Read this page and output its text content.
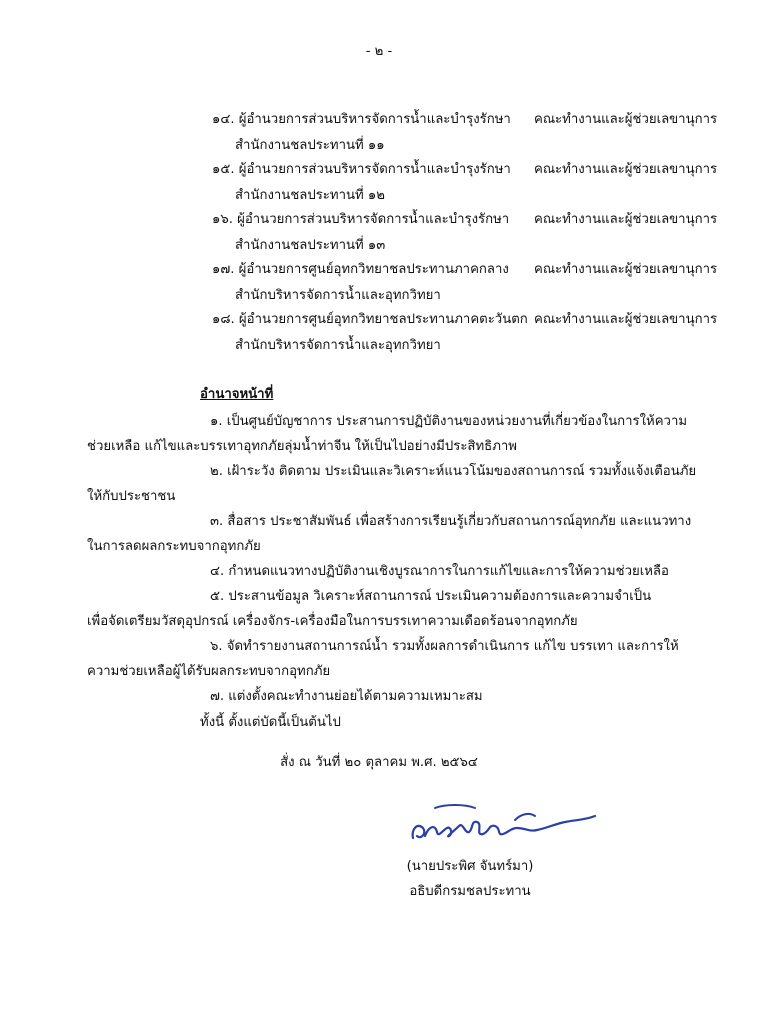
- ๒ -
๑๔. ผู้อำนวยการส่วนบริหารจัดการน้ำและบำรุงรักษา คณะทำงานและผู้ช่วยเลขานุการ
สำนักงานชลประทานที่ ๑๑
๑๕. ผู้อำนวยการส่วนบริหารจัดการน้ำและบำรุงรักษา คณะทำงานและผู้ช่วยเลขานุการ
สำนักงานชลประทานที่ ๑๒
๑๖. ผู้อำนวยการส่วนบริหารจัดการน้ำและบำรุงรักษา คณะทำงานและผู้ช่วยเลขานุการ
สำนักงานชลประทานที่ ๑๓
๑๗. ผู้อำนวยการศูนย์อุทกวิทยาชลประทานภาคกลาง คณะทำงานและผู้ช่วยเลขานุการ
สำนักบริหารจัดการน้ำและอุทกวิทยา
๑๘. ผู้อำนวยการศูนย์อุทกวิทยาชลประทานภาคตะวันตก คณะทำงานและผู้ช่วยเลขานุการ
สำนักบริหารจัดการน้ำและอุทกวิทยา
อำนาจหน้าที่
๑. เป็นศูนย์บัญชาการ ประสานการปฏิบัติงานของหน่วยงานที่เกี่ยวข้องในการให้ความ
ช่วยเหลือ แก้ไขและบรรเทาอุทกภัยลุ่มน้ำท่าจีน ให้เป็นไปอย่างมีประสิทธิภาพ
๒. เฝ้าระวัง ติดตาม ประเมินและวิเคราะห์แนวโน้มของสถานการณ์ รวมทั้งแจ้งเตือนภัย
ให้กับประชาชน
๓. สื่อสาร ประชาสัมพันธ์ เพื่อสร้างการเรียนรู้เกี่ยวกับสถานการณ์อุทกภัย และแนวทาง
ในการลดผลกระทบจากอุทกภัย
๔. กำหนดแนวทางปฏิบัติงานเชิงบูรณาการในการแก้ไขและการให้ความช่วยเหลือ
๕. ประสานข้อมูล วิเคราะห์สถานการณ์ ประเมินความต้องการและความจำเป็น
เพื่อจัดเตรียมวัสดุอุปกรณ์ เครื่องจักร-เครื่องมือในการบรรเทาความเดือดร้อนจากอุทกภัย
๖. จัดทำรายงานสถานการณ์น้ำ รวมทั้งผลการดำเนินการ แก้ไข บรรเทา และการให้
ความช่วยเหลือผู้ได้รับผลกระทบจากอุทกภัย
๗. แต่งตั้งคณะทำงานย่อยได้ตามความเหมาะสม
ทั้งนี้ ตั้งแต่บัดนี้เป็นต้นไป
สั่ง ณ วันที่ ๒๐ ตุลาคม พ.ศ. ๒๕๖๔
(นายประพิศ จันทร์มา)
อธิบดีกรมชลประทาน
